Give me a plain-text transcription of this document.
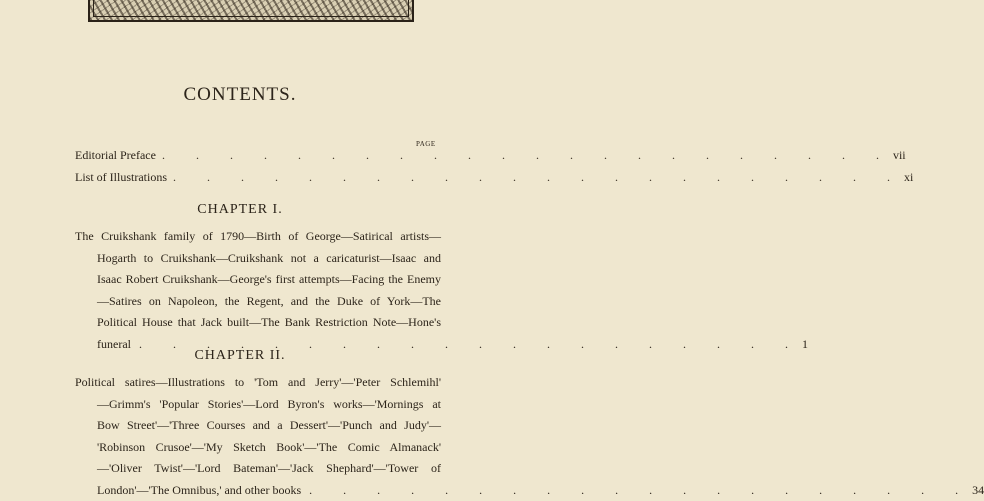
CONTENTS.
PAGE
Editorial Preface . . . . . . . . . . . . . . . . . . . . . . vii
List of Illustrations . . . . . . . . . . . . . . . . . . . . . . xi
CHAPTER I.
The Cruikshank family of 1790—Birth of George—Satirical artists—
Hogarth to Cruikshank—Cruikshank not a caricaturist—Isaac and
Isaac Robert Cruikshank—George's first attempts—Facing the Enemy
—Satires on Napoleon, the Regent, and the Duke of York—The
Political House that Jack built—The Bank Restriction Note—Hone's
funeral . . . . . . . . . . . . . . . . . . . . 1
CHAPTER II.
Political satires—Illustrations to 'Tom and Jerry'—'Peter Schlemihl'
—Grimm's 'Popular Stories'—Lord Byron's works—'Mornings at
Bow Street'—'Three Courses and a Dessert'—'Punch and Judy'—
'Robinson Crusoe'—'My Sketch Book'—'The Comic Almanack'
—'Oliver Twist'—'Lord Bateman'—'Jack Shephard'—'Tower of
London'—'The Omnibus,' and other books . . . . . . . . . . . . . . . . . . . . 34
